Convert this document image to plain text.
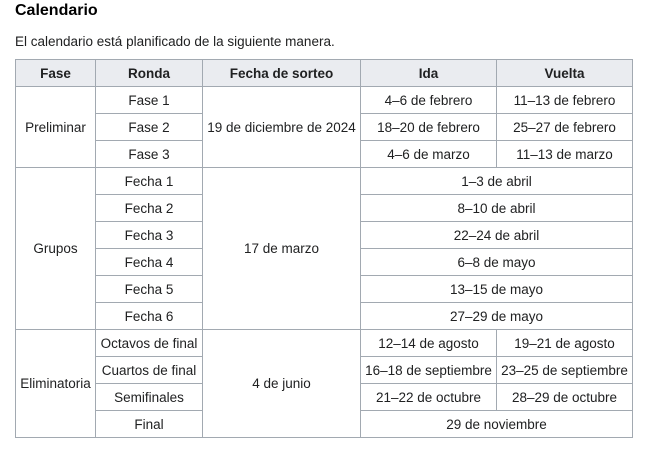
Calendario
El calendario está planificado de la siguiente manera.
Fase	Ronda	Fecha de sorteo	Ida	Vuelta
Preliminar	Fase 1	19 de diciembre de 2024	4–6 de febrero	11–13 de febrero
	Fase 2		18–20 de febrero	25–27 de febrero
	Fase 3		4–6 de marzo	11–13 de marzo
Grupos	Fecha 1	17 de marzo	1–3 de abril	
	Fecha 2		8–10 de abril	
	Fecha 3		22–24 de abril	
	Fecha 4		6–8 de mayo	
	Fecha 5		13–15 de mayo	
	Fecha 6		27–29 de mayo	
Eliminatoria	Octavos de final	4 de junio	12–14 de agosto	19–21 de agosto
	Cuartos de final		16–18 de septiembre	23–25 de septiembre
	Semifinales		21–22 de octubre	28–29 de octubre
	Final		29 de noviembre	
